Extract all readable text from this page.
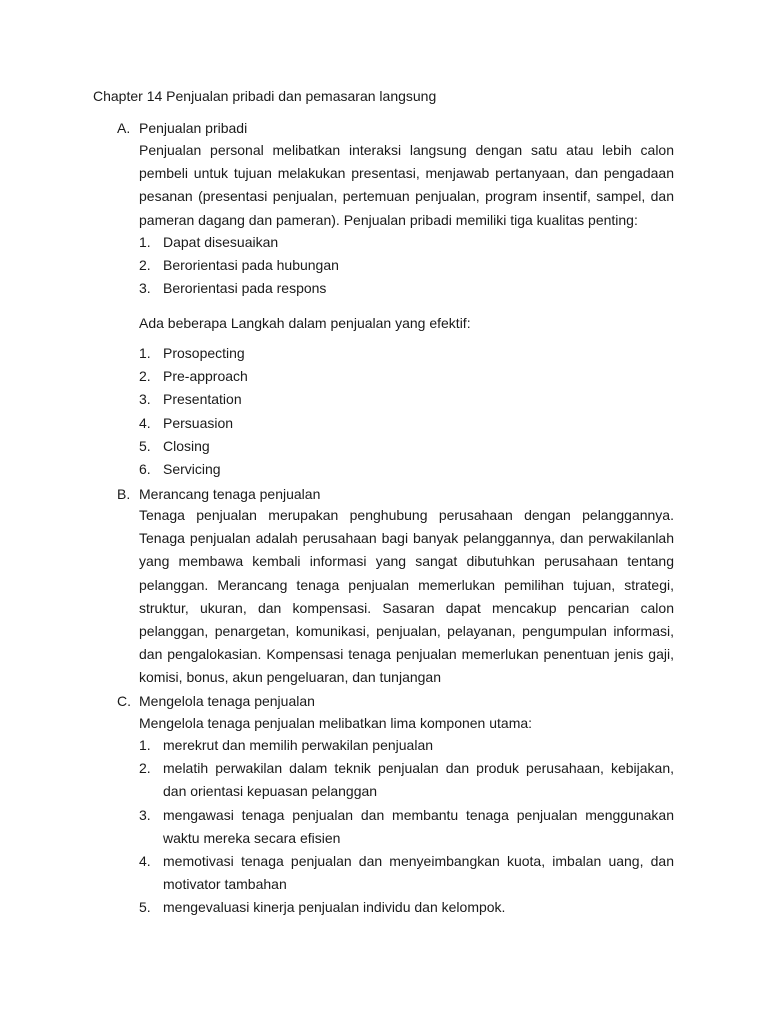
Chapter 14 Penjualan pribadi dan pemasaran langsung
A. Penjualan pribadi

Penjualan personal melibatkan interaksi langsung dengan satu atau lebih calon pembeli untuk tujuan melakukan presentasi, menjawab pertanyaan, dan pengadaan pesanan (presentasi penjualan, pertemuan penjualan, program insentif, sampel, dan pameran dagang dan pameran). Penjualan pribadi memiliki tiga kualitas penting:

1. Dapat disesuaikan
2. Berorientasi pada hubungan
3. Berorientasi pada respons
Ada beberapa Langkah dalam penjualan yang efektif:
1. Prosopecting
2. Pre-approach
3. Presentation
4. Persuasion
5. Closing
6. Servicing
B. Merancang tenaga penjualan

Tenaga penjualan merupakan penghubung perusahaan dengan pelanggannya. Tenaga penjualan adalah perusahaan bagi banyak pelanggannya, dan perwakilanlah yang membawa kembali informasi yang sangat dibutuhkan perusahaan tentang pelanggan. Merancang tenaga penjualan memerlukan pemilihan tujuan, strategi, struktur, ukuran, dan kompensasi. Sasaran dapat mencakup pencarian calon pelanggan, penargetan, komunikasi, penjualan, pelayanan, pengumpulan informasi, dan pengalokasian. Kompensasi tenaga penjualan memerlukan penentuan jenis gaji, komisi, bonus, akun pengeluaran, dan tunjangan

C. Mengelola tenaga penjualan
Mengelola tenaga penjualan melibatkan lima komponen utama:
1. merekrut dan memilih perwakilan penjualan
2. melatih perwakilan dalam teknik penjualan dan produk perusahaan, kebijakan, dan orientasi kepuasan pelanggan
3. mengawasi tenaga penjualan dan membantu tenaga penjualan menggunakan waktu mereka secara efisien
4. memotivasi tenaga penjualan dan menyeimbangkan kuota, imbalan uang, dan motivator tambahan
5. mengevaluasi kinerja penjualan individu dan kelompok.
